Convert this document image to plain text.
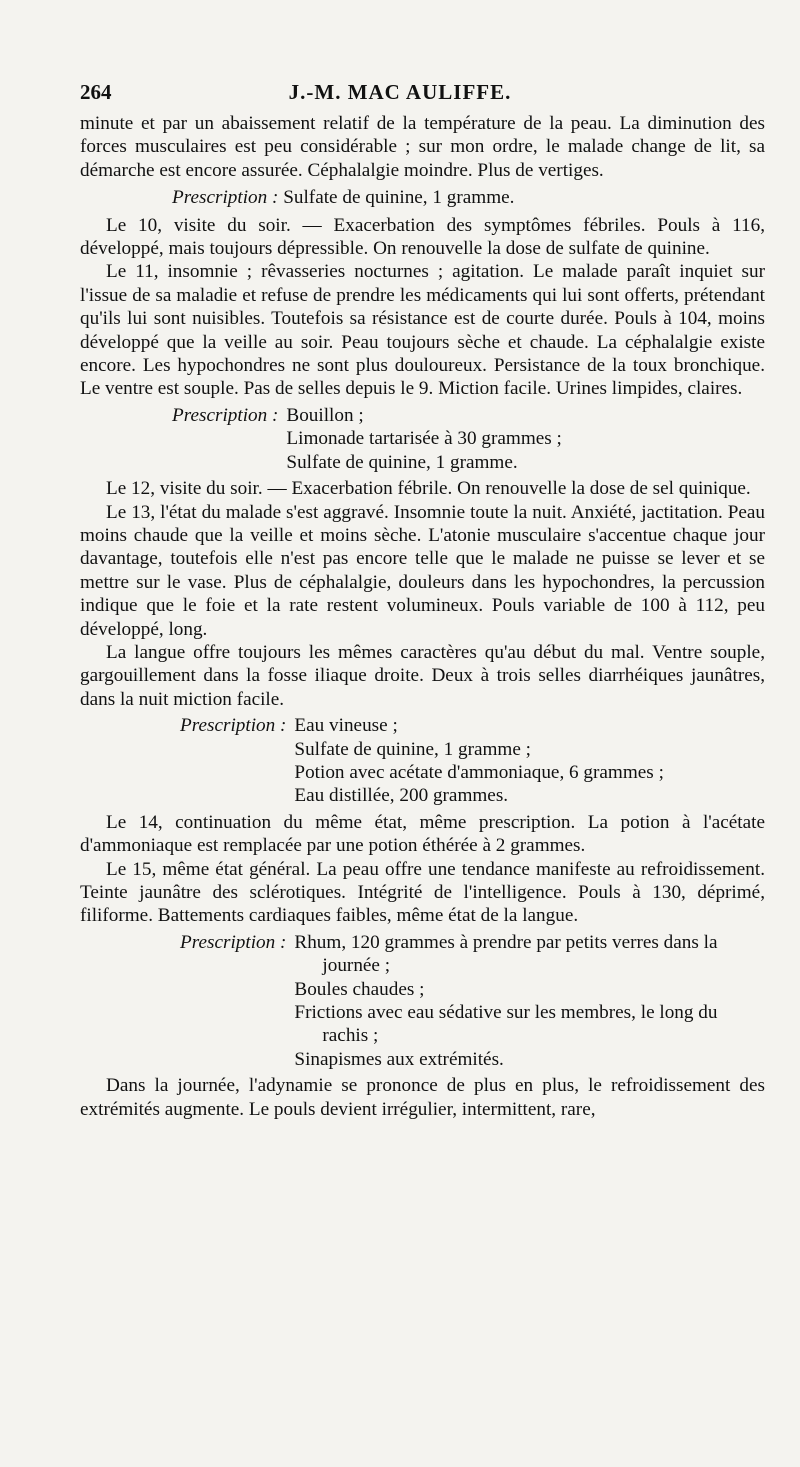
264	J.-M. MAC AULIFFE.

minute et par un abaissement relatif de la température de la peau. La diminution des forces musculaires est peu considérable ; sur mon ordre, le malade change de lit, sa démarche est encore assurée. Céphalalgie moindre. Plus de vertiges.

Prescription : Sulfate de quinine, 1 gramme.

Le 10, visite du soir. — Exacerbation des symptômes fébriles. Pouls à 116, développé, mais toujours dépressible. On renouvelle la dose de sulfate de quinine.

Le 11, insomnie ; rêvasseries nocturnes ; agitation. Le malade paraît inquiet sur l'issue de sa maladie et refuse de prendre les médicaments qui lui sont offerts, prétendant qu'ils lui sont nuisibles. Toutefois sa résistance est de courte durée. Pouls à 104, moins développé que la veille au soir. Peau toujours sèche et chaude. La céphalalgie existe encore. Les hypochondres ne sont plus douloureux. Persistance de la toux bronchique. Le ventre est souple. Pas de selles depuis le 9. Miction facile. Urines limpides, claires.

Prescription : Bouillon ;
Limonade tartarisée à 30 grammes ;
Sulfate de quinine, 1 gramme.

Le 12, visite du soir. — Exacerbation fébrile. On renouvelle la dose de sel quinique.

Le 13, l'état du malade s'est aggravé. Insomnie toute la nuit. Anxiété, jactitation. Peau moins chaude que la veille et moins sèche. L'atonie musculaire s'accentue chaque jour davantage, toutefois elle n'est pas encore telle que le malade ne puisse se lever et se mettre sur le vase. Plus de céphalalgie, douleurs dans les hypochondres, la percussion indique que le foie et la rate restent volumineux. Pouls variable de 100 à 112, peu développé, long.

La langue offre toujours les mêmes caractères qu'au début du mal. Ventre souple, gargouillement dans la fosse iliaque droite. Deux à trois selles diarrhéiques jaunâtres, dans la nuit miction facile.

Prescription : Eau vineuse ;
Sulfate de quinine, 1 gramme ;
Potion avec acétate d'ammoniaque, 6 grammes ;
Eau distillée, 200 grammes.

Le 14, continuation du même état, même prescription. La potion à l'acétate d'ammoniaque est remplacée par une potion éthérée à 2 grammes.

Le 15, même état général. La peau offre une tendance manifeste au refroidissement. Teinte jaunâtre des sclérotiques. Intégrité de l'intelligence. Pouls à 130, déprimé, filiforme. Battements cardiaques faibles, même état de la langue.

Prescription : Rhum, 120 grammes à prendre par petits verres dans la journée ;
Boules chaudes ;
Frictions avec eau sédative sur les membres, le long du rachis ;
Sinapismes aux extrémités.

Dans la journée, l'adynamie se prononce de plus en plus, le refroidissement des extrémités augmente. Le pouls devient irrégulier, intermittent, rare,
